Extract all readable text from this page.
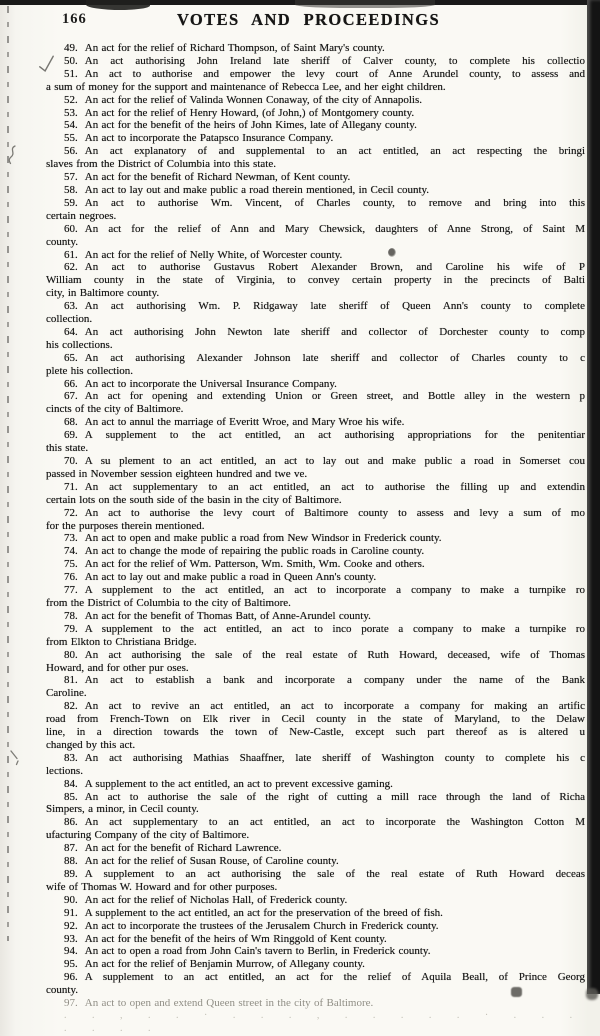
166	VOTES AND PROCEEDINGS
49. An act for the relief of Richard Thompson, of Saint Mary's county.
50. An act authorising John Ireland late sheriff of Calver county, to complete his collectio
51. An act to authorise and empower the levy court of Anne Arundel county, to assess and
a sum of money for the support and maintenance of Rebecca Lee, and her eight children.
52. An act for the relief of Valinda Wonnen Conaway, of the city of Annapolis.
53. An act for the relief of Henry Howard, (of John,) of Montgomery county.
54. An act for the benefit of the heirs of John Kimes, late of Allegany county.
55. An act to incorporate the Patapsco Insurance Company.
56. An act explanatory of and supplemental to an act entitled, an act respecting the bringi
slaves from the District of Columbia into this state.
57. An act for the benefit of Richard Newman, of Kent county.
58. An act to lay out and make public a road therein mentioned, in Cecil county.
59. An act to authorise Wm. Vincent, of Charles county, to remove and bring into this
certain negroes.
60. An act for the relief of Ann and Mary Chewsick, daughters of Anne Strong, of Saint M
county.
61. An act for the relief of Nelly White, of Worcester county.
62. An act to authorise Gustavus Robert Alexander Brown, and Caroline his wife of P
William county in the state of Virginia, to convey certain property in the precincts of Balti
city, in Baltimore county.
63. An act authorising Wm. P. Ridgaway late sheriff of Queen Ann's county to complete
collection.
64. An act authorising John Newton late sheriff and collector of Dorchester county to comp
his collections.
65. An act authorising Alexander Johnson late sheriff and collector of Charles county to c
plete his collection.
66. An act to incorporate the Universal Insurance Company.
67. An act for opening and extending Union or Green street, and Bottle alley in the western p
cincts of the city of Baltimore.
68. An act to annul the marriage of Everitt Wroe, and Mary Wroe his wife.
69. A supplement to the act entitled, an act authorising appropriations for the penitentiar
this state.
70. A su plement to an act entitled, an act to lay out and make public a road in Somerset cou
passed in November session eighteen hundred and twe ve.
71. An act supplementary to an act entitled, an act to authorise the filling up and extendin
certain lots on the south side of the basin in the city of Baltimore.
72. An act to authorise the levy court of Baltimore county to assess and levy a sum of mo
for the purposes therein mentioned.
73. An act to open and make public a road from New Windsor in Frederick county.
74. An act to change the mode of repairing the public roads in Caroline county.
75. An act for the relief of Wm. Patterson, Wm. Smith, Wm. Cooke and others.
76. An act to lay out and make public a road in Queen Ann's county.
77. A supplement to the act entitled, an act to incorporate a company to make a turnpike ro
from the District of Columbia to the city of Baltimore.
78. An act for the benefit of Thomas Batt, of Anne-Arundel county.
79. A supplement to the act entitled, an act to inco porate a company to make a turnpike ro
from Elkton to Christiana Bridge.
80. An act authorising the sale of the real estate of Ruth Howard, deceased, wife of Thomas
Howard, and for other pur oses.
81. An act to establish a bank and incorporate a company under the name of the Bank
Caroline.
82. An act to revive an act entitled, an act to incorporate a company for making an artific
road from French-Town on Elk river in Cecil county in the state of Maryland, to the Delaw
line, in a direction towards the town of New-Castle, except such part thereof as is altered u
changed by this act.
83. An act authorising Mathias Shaaffner, late sheriff of Washington county to complete his c
lections.
84. A supplement to the act entitled, an act to prevent excessive gaming.
85. An act to authorise the sale of the right of cutting a mill race through the land of Richa
Simpers, a minor, in Cecil county.
86. An act supplementary to an act entitled, an act to incorporate the Washington Cotton M
ufacturing Company of the city of Baltimore.
87. An act for the benefit of Richard Lawrence.
88. An act for the relief of Susan Rouse, of Caroline county.
89. A supplement to an act authorising the sale of the real estate of Ruth Howard deceas
wife of Thomas W. Howard and for other purposes.
90. An act for the relief of Nicholas Hall, of Frederick county.
91. A supplement to the act entitled, an act for the preservation of the breed of fish.
92. An act to incorporate the trustees of the Jerusalem Church in Frederick county.
93. An act for the benefit of the heirs of Wm Ringgold of Kent county.
94. An act to open a road from John Cain's tavern to Berlin, in Frederick county.
95. An act for the relief of Benjamin Murrow, of Allegany county.
96. A supplement to an act entitled, an act for the relief of Aquila Beall, of Prince Georg
county.
97. An act to open and extend Queen street in the city of Baltimore.
. . , . . · . . . , . . . . . · . . . . . . .
